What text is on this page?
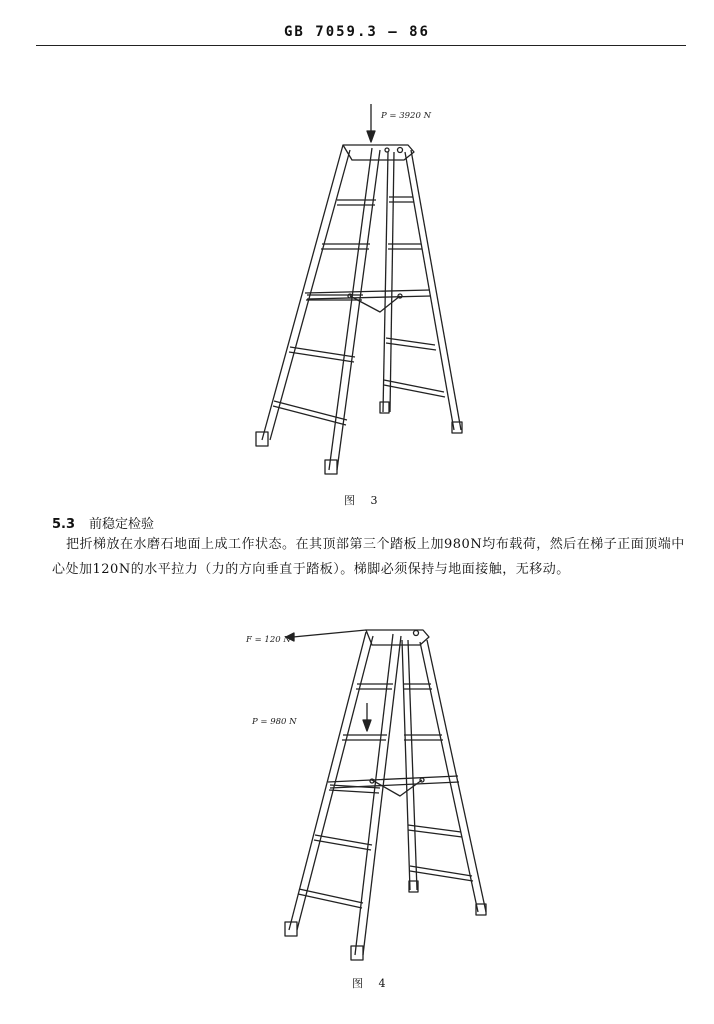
GB 7059.3 — 86
P = 3920 N
图 3
5.3 前稳定检验
把折梯放在水磨石地面上成工作状态。在其顶部第三个踏板上加980N均布载荷，然后在梯子正面顶端中心处加120N的水平拉力（力的方向垂直于踏板）。梯脚必须保持与地面接触，无移动。
F = 120 N
P = 980 N
图 4
